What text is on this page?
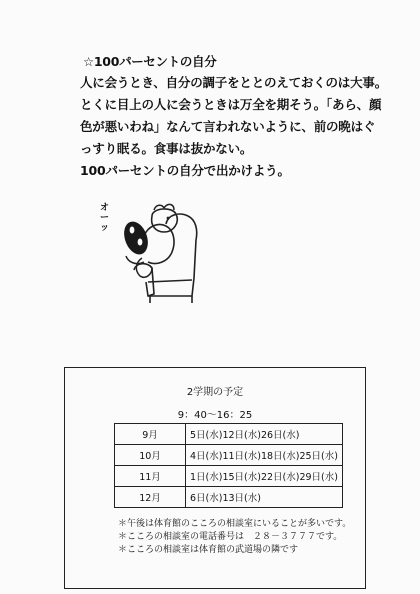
☆100パーセントの自分
人に会うとき、自分の調子をととのえておくのは大事。
とくに目上の人に会うときは万全を期そう。「あら、顔
色が悪いわね」なんて言われないように、前の晩はぐ
っすり眠る。食事は抜かない。
100パーセントの自分で出かけよう。
オーッ
2学期の予定
9：40〜16：25
9月	5日(水)12日(水)26日(水)
10月	4日(水)11日(水)18日(水)25日(水)
11月	1日(水)15日(水)22日(水)29日(水)
12月	6日(水)13日(水)
＊午後は体育館のこころの相談室にいることが多いです。
＊こころの相談室の電話番号は　２８－３７７７です。
＊こころの相談室は体育館の武道場の隣です
